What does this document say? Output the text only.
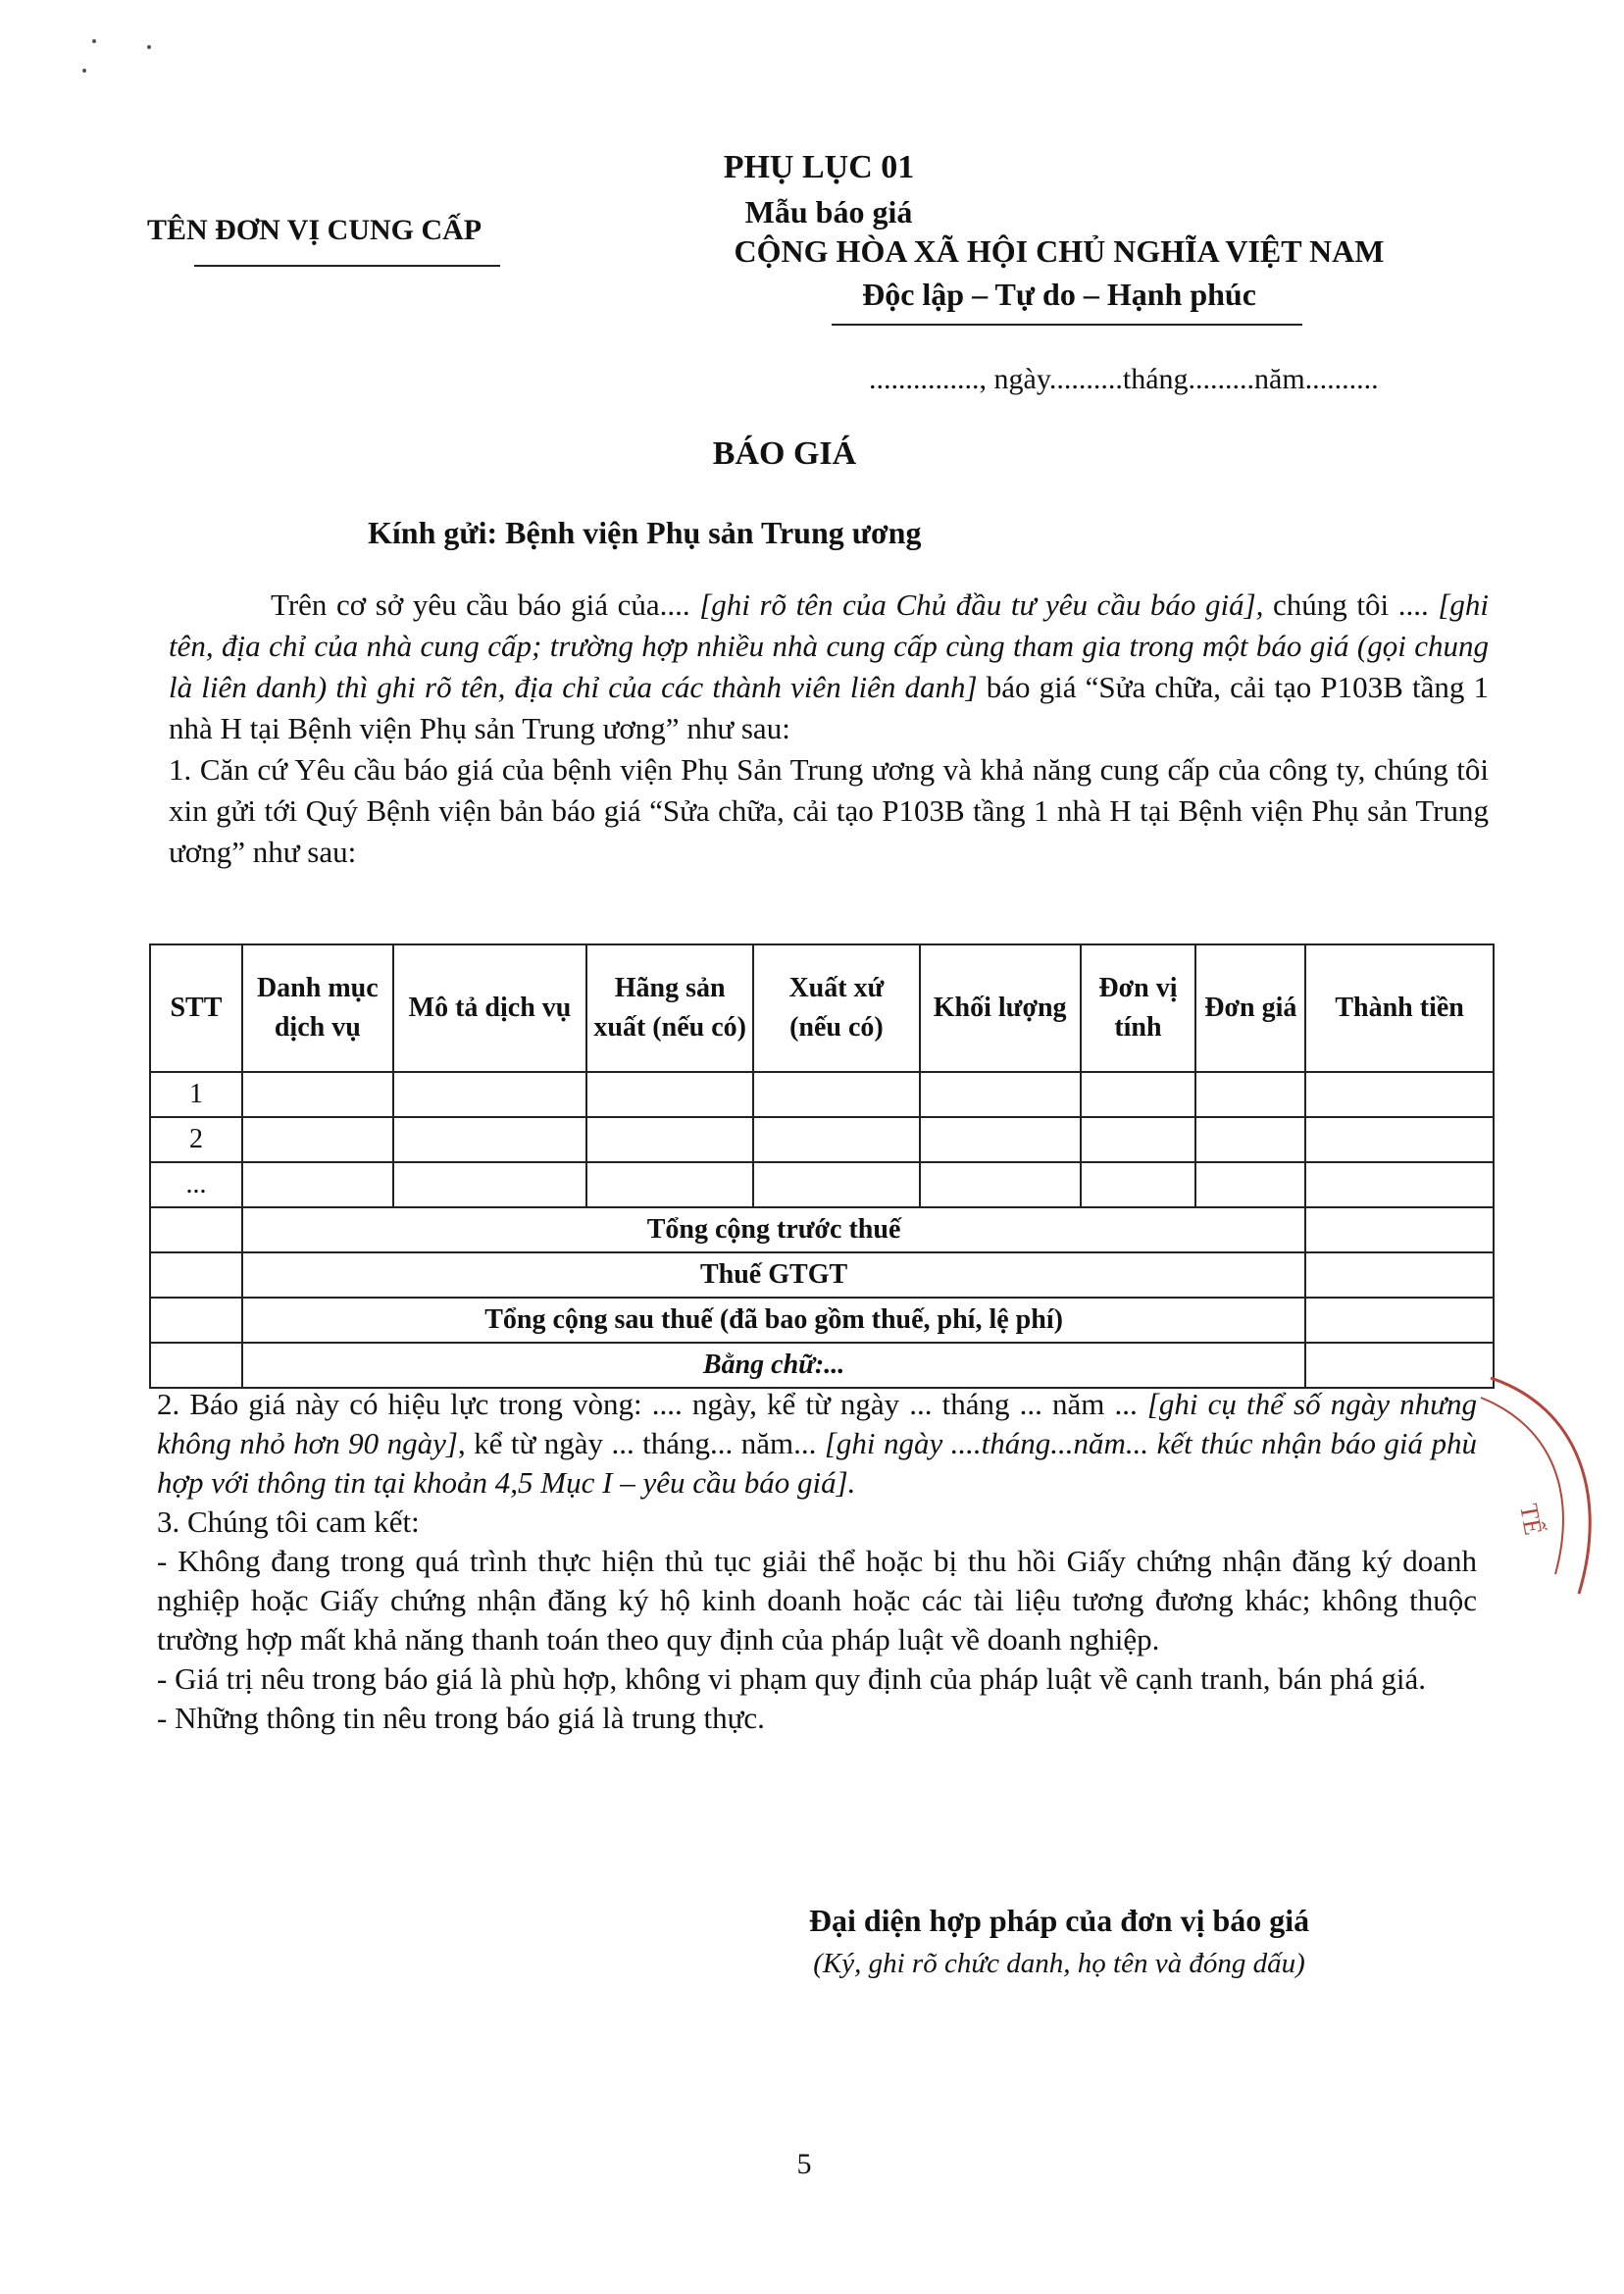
TÊN ĐƠN VỊ CUNG CẤP
PHỤ LỤC 01
Mẫu báo giá
CỘNG HÒA XÃ HỘI CHỦ NGHĨA VIỆT NAM
Độc lập – Tự do – Hạnh phúc
..............., ngày..........tháng.........năm..........
BÁO GIÁ
Kính gửi: Bệnh viện Phụ sản Trung ương

Trên cơ sở yêu cầu báo giá của.... [ghi rõ tên của Chủ đầu tư yêu cầu báo giá], chúng tôi .... [ghi tên, địa chỉ của nhà cung cấp; trường hợp nhiều nhà cung cấp cùng tham gia trong một báo giá (gọi chung là liên danh) thì ghi rõ tên, địa chỉ của các thành viên liên danh] báo giá “Sửa chữa, cải tạo P103B tầng 1 nhà H tại Bệnh viện Phụ sản Trung ương” như sau:

1. Căn cứ Yêu cầu báo giá của bệnh viện Phụ Sản Trung ương và khả năng cung cấp của công ty, chúng tôi xin gửi tới Quý Bệnh viện bản báo giá “Sửa chữa, cải tạo P103B tầng 1 nhà H tại Bệnh viện Phụ sản Trung ương” như sau:

STT	Danh mục dịch vụ	Mô tả dịch vụ	Hãng sản xuất (nếu có)	Xuất xứ (nếu có)	Khối lượng	Đơn vị tính	Đơn giá	Thành tiền
1								
2								
...								
	Tổng cộng trước thuế							
	Thuế GTGT							
	Tổng cộng sau thuế (đã bao gồm thuế, phí, lệ phí)							
	Bằng chữ:...							

2. Báo giá này có hiệu lực trong vòng: .... ngày, kể từ ngày ... tháng ... năm ... [ghi cụ thể số ngày nhưng không nhỏ hơn 90 ngày], kể từ ngày ... tháng... năm... [ghi ngày ....tháng...năm... kết thúc nhận báo giá phù hợp với thông tin tại khoản 4,5 Mục I – yêu cầu báo giá].

3. Chúng tôi cam kết:

- Không đang trong quá trình thực hiện thủ tục giải thể hoặc bị thu hồi Giấy chứng nhận đăng ký doanh nghiệp hoặc Giấy chứng nhận đăng ký hộ kinh doanh hoặc các tài liệu tương đương khác; không thuộc trường hợp mất khả năng thanh toán theo quy định của pháp luật về doanh nghiệp.

- Giá trị nêu trong báo giá là phù hợp, không vi phạm quy định của pháp luật về cạnh tranh, bán phá giá.

- Những thông tin nêu trong báo giá là trung thực.

Đại diện hợp pháp của đơn vị báo giá
(Ký, ghi rõ chức danh, họ tên và đóng dấu)
TẾ
5
